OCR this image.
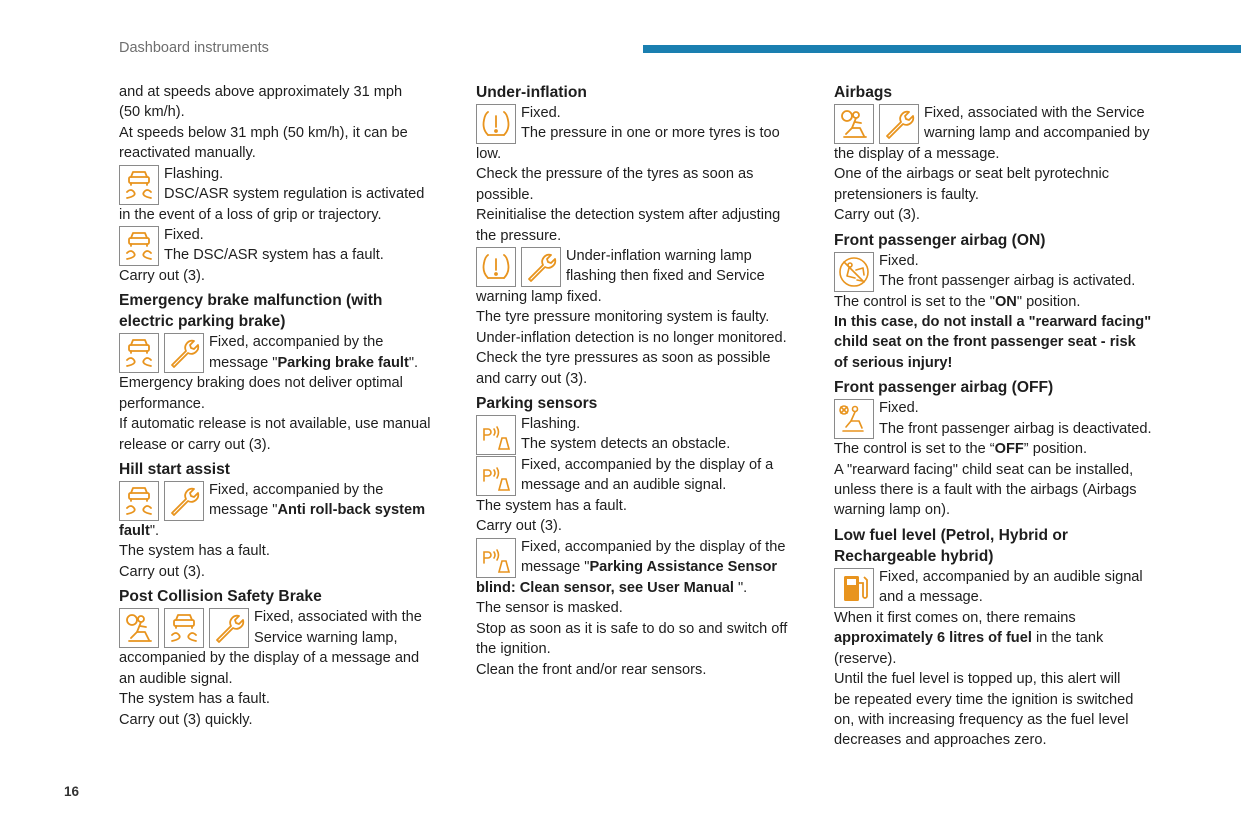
Dashboard instruments

and at speeds above approximately 31 mph

(50 km/h).

At speeds below 31 mph (50 km/h), it can be

reactivated manually.

Flashing.

DSC/ASR system regulation is activated

in the event of a loss of grip or trajectory.

Fixed.

The DSC/ASR system has a fault.

Carry out (3).

Emergency brake malfunction (with
electric parking brake)

Fixed, accompanied by the

message "Parking brake fault".

Emergency braking does not deliver optimal

performance.

If automatic release is not available, use manual

release or carry out (3).

Hill start assist

Fixed, accompanied by the

message "Anti roll-back system

fault".

The system has a fault.

Carry out (3).

Post Collision Safety Brake

Fixed, associated with the

Service warning lamp,

accompanied by the display of a message and

an audible signal.

The system has a fault.

Carry out (3) quickly.

Under-inflation

Fixed.

The pressure in one or more tyres is too

low.

Check the pressure of the tyres as soon as

possible.

Reinitialise the detection system after adjusting

the pressure.

Under-inflation warning lamp

flashing then fixed and Service

warning lamp fixed.

The tyre pressure monitoring system is faulty.

Under-inflation detection is no longer monitored.

Check the tyre pressures as soon as possible

and carry out (3).

Parking sensors

Flashing.

The system detects an obstacle.

Fixed, accompanied by the display of a

message and an audible signal.

The system has a fault.

Carry out (3).

Fixed, accompanied by the display of the

message "Parking Assistance Sensor

blind: Clean sensor, see User Manual ".

The sensor is masked.

Stop as soon as it is safe to do so and switch off

the ignition.

Clean the front and/or rear sensors.

Airbags

Fixed, associated with the Service

warning lamp and accompanied by

the display of a message.

One of the airbags or seat belt pyrotechnic

pretensioners is faulty.

Carry out (3).

Front passenger airbag (ON)

Fixed.

The front passenger airbag is activated.

The control is set to the "ON" position.

In this case, do not install a "rearward facing"

child seat on the front passenger seat - risk

of serious injury!

Front passenger airbag (OFF)

Fixed.

The front passenger airbag is deactivated.

The control is set to the “OFF” position.

A "rearward facing" child seat can be installed,

unless there is a fault with the airbags (Airbags

warning lamp on).

Low fuel level (Petrol, Hybrid or
Rechargeable hybrid)

Fixed, accompanied by an audible signal

and a message.

When it first comes on, there remains

approximately 6 litres of fuel in the tank

(reserve).

Until the fuel level is topped up, this alert will

be repeated every time the ignition is switched

on, with increasing frequency as the fuel level

decreases and approaches zero.

16
